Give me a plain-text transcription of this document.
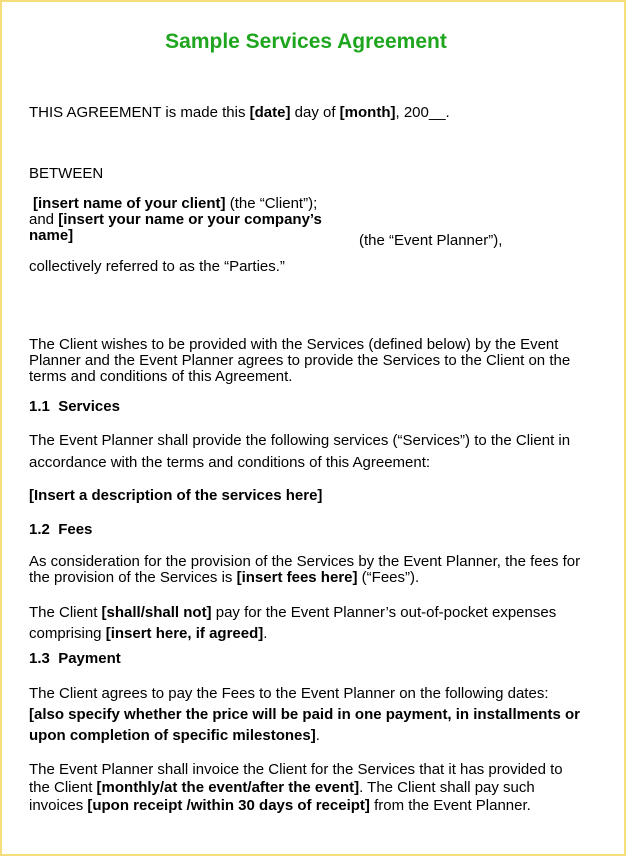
Sample Services Agreement
THIS AGREEMENT is made this [date] day of [month], 200__.
BETWEEN
[insert name of your client] (the “Client”);
and [insert your name or your company’s
name]	(the “Event Planner”),
collectively referred to as the “Parties.”
The Client wishes to be provided with the Services (defined below) by the Event
Planner and the Event Planner agrees to provide the Services to the Client on the
terms and conditions of this Agreement.
1.1 Services
The Event Planner shall provide the following services (“Services”) to the Client in
accordance with the terms and conditions of this Agreement:
[Insert a description of the services here]
1.2 Fees
As consideration for the provision of the Services by the Event Planner, the fees for
the provision of the Services is [insert fees here] (“Fees”).
The Client [shall/shall not] pay for the Event Planner’s out-of-pocket expenses
comprising [insert here, if agreed].
1.3 Payment
The Client agrees to pay the Fees to the Event Planner on the following dates:
[also specify whether the price will be paid in one payment, in installments or
upon completion of specific milestones].
The Event Planner shall invoice the Client for the Services that it has provided to
the Client [monthly/at the event/after the event]. The Client shall pay such
invoices [upon receipt /within 30 days of receipt] from the Event Planner.
